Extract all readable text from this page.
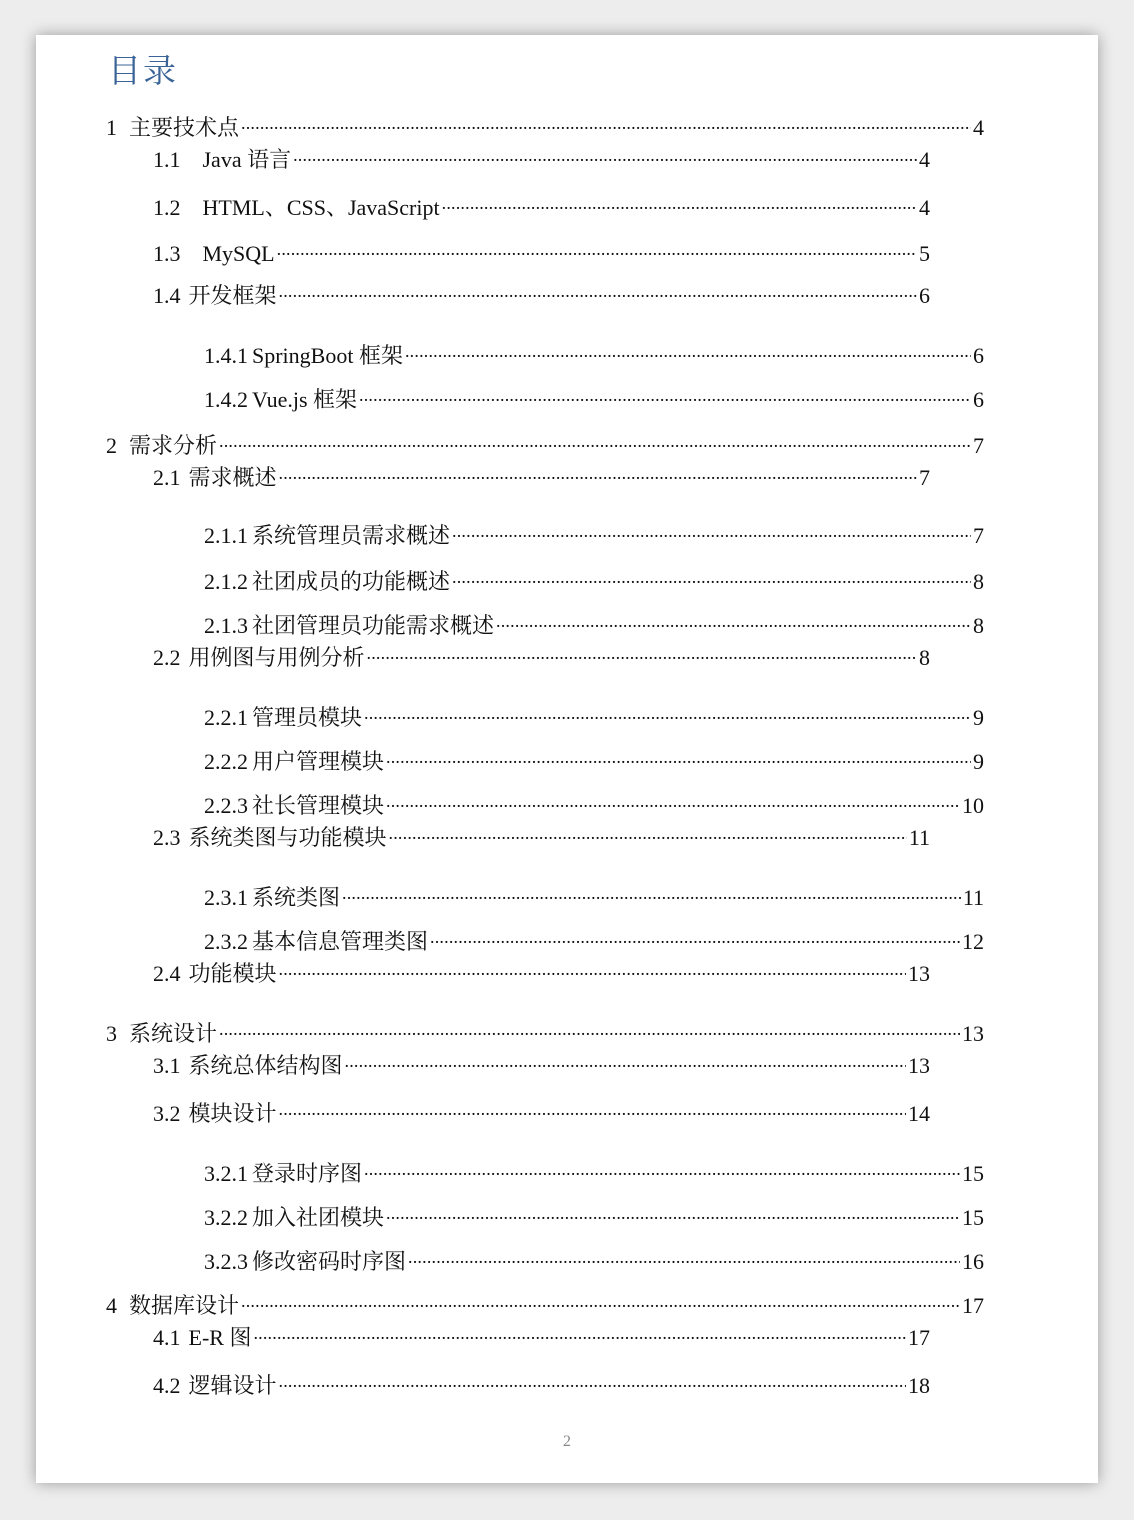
目录
1 主要技术点 .....	4
1.1 Java 语言 .....	4
1.2 HTML、CSS、JavaScript .....	4
1.3 MySQL .....	5
1.4 开发框架 .....	6
1.4.1 SpringBoot 框架 .....	6
1.4.2 Vue.js 框架 .....	6
2 需求分析 .....	7
2.1 需求概述 .....	7
2.1.1 系统管理员需求概述 .....	7
2.1.2 社团成员的功能概述 .....	8
2.1.3 社团管理员功能需求概述 .....	8
2.2 用例图与用例分析 .....	8
2.2.1 管理员模块 .....	9
2.2.2 用户管理模块 .....	9
2.2.3 社长管理模块 .....	10
2.3 系统类图与功能模块 .....	11
2.3.1 系统类图 .....	11
2.3.2 基本信息管理类图 .....	12
2.4 功能模块 .....	13
3 系统设计 .....	13
3.1 系统总体结构图 .....	13
3.2 模块设计 .....	14
3.2.1 登录时序图 .....	15
3.2.2 加入社团模块 .....	15
3.2.3 修改密码时序图 .....	16
4 数据库设计 .....	17
4.1 E-R 图 .....	17
4.2 逻辑设计 .....	18
2
